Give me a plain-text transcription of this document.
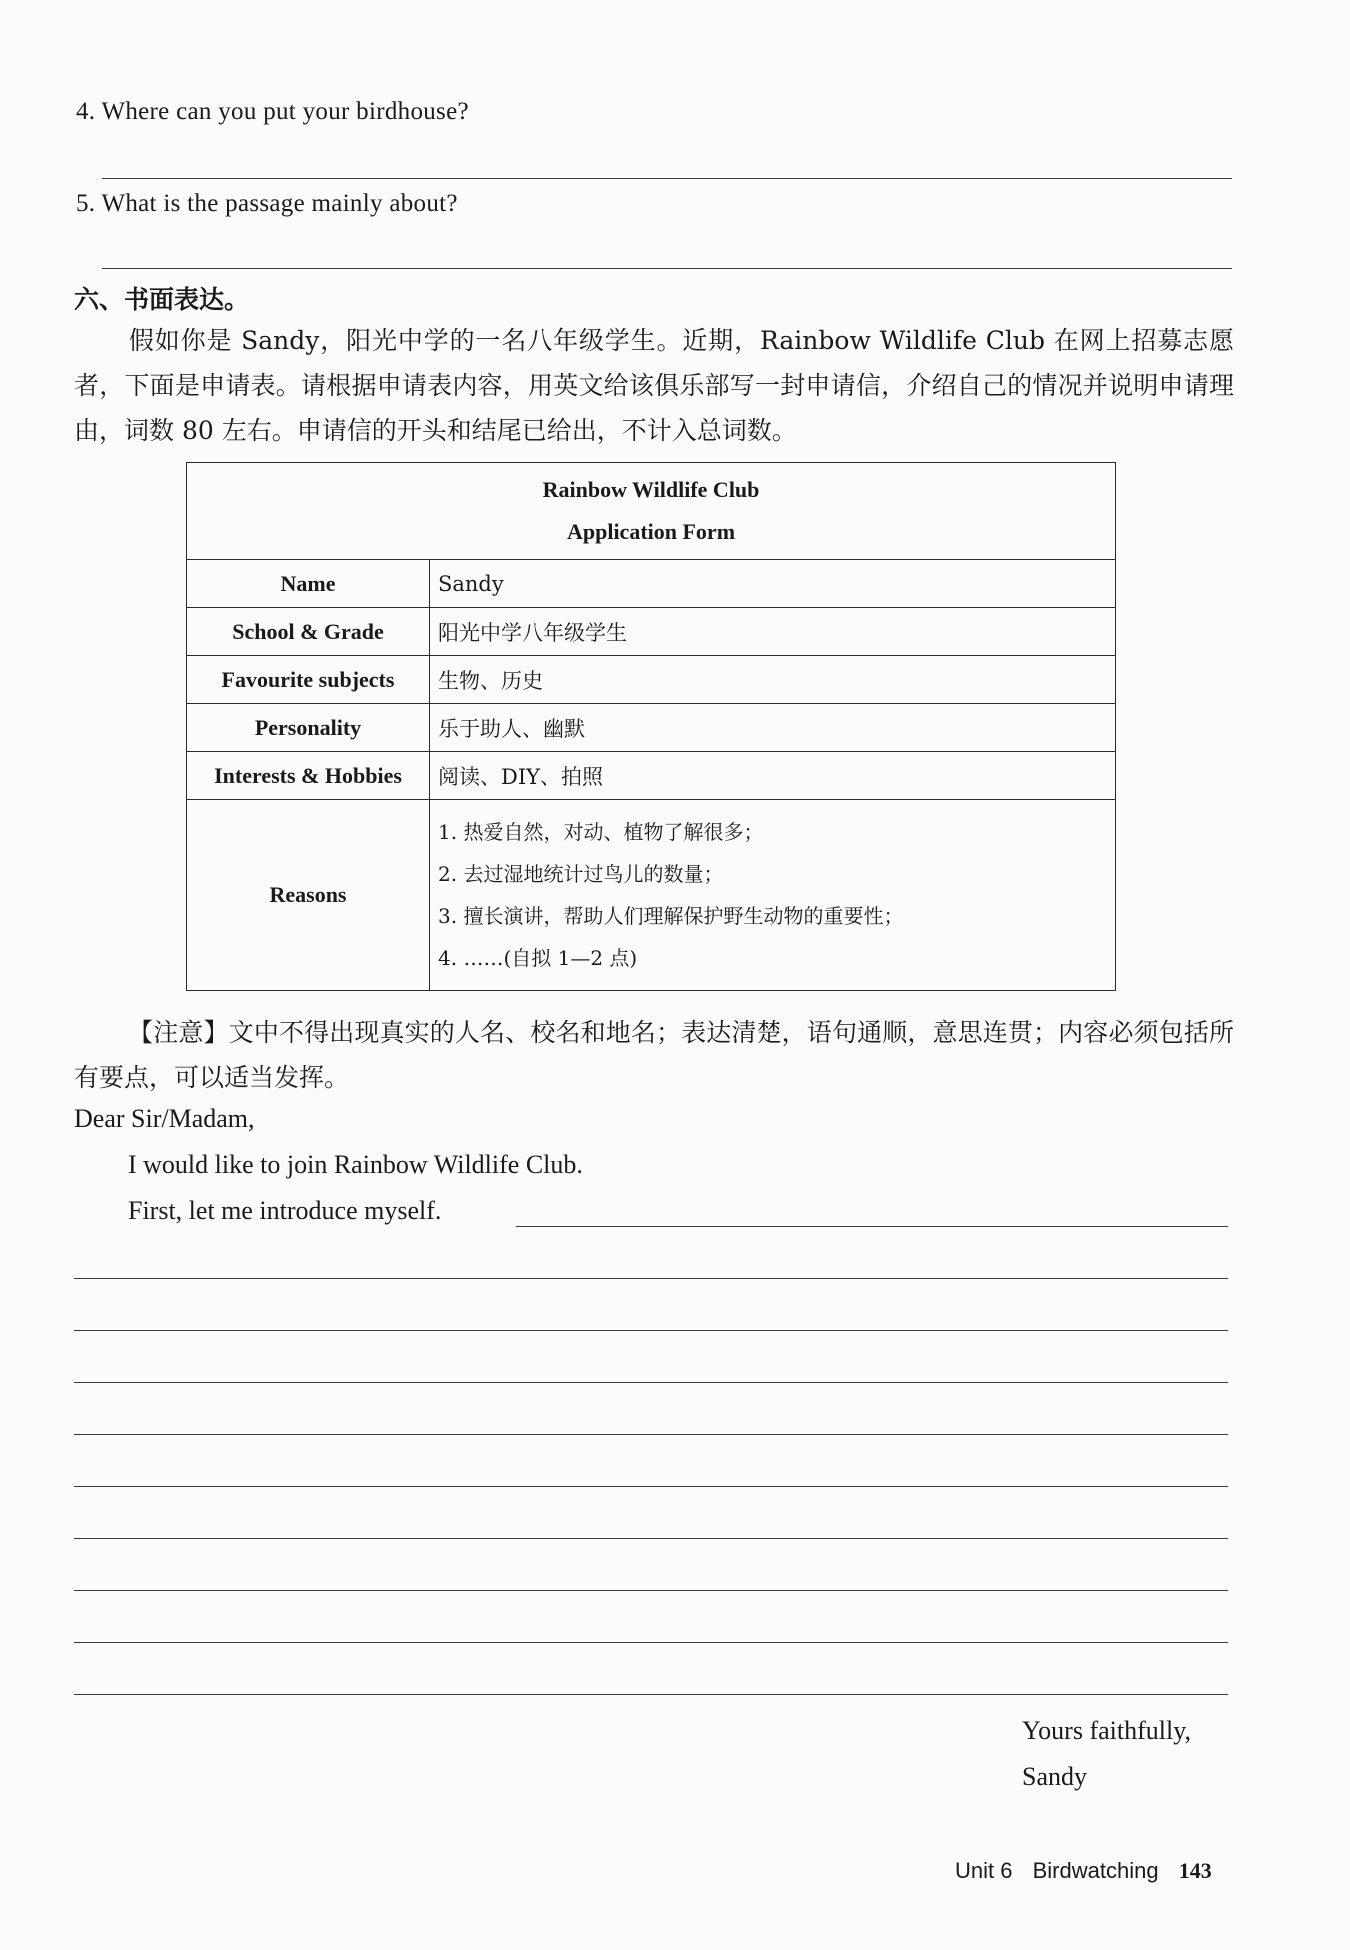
4. Where can you put your birdhouse?
5. What is the passage mainly about?
六、书面表达。
假如你是 Sandy，阳光中学的一名八年级学生。近期，Rainbow Wildlife Club 在网上招募志愿者，下面是申请表。请根据申请表内容，用英文给该俱乐部写一封申请信，介绍自己的情况并说明申请理由，词数 80 左右。申请信的开头和结尾已给出，不计入总词数。
Rainbow Wildlife Club
Application Form	

Name	Sandy
School & Grade	阳光中学八年级学生
Favourite subjects	生物、历史
Personality	乐于助人、幽默
Interests & Hobbies	阅读、DIY、拍照
Reasons	1. 热爱自然，对动、植物了解很多；
2. 去过湿地统计过鸟儿的数量；
3. 擅长演讲，帮助人们理解保护野生动物的重要性；
4. ……(自拟 1—2 点)
【注意】文中不得出现真实的人名、校名和地名；表达清楚，语句通顺，意思连贯；内容必须包括所有要点，可以适当发挥。
Dear Sir/Madam,
I would like to join Rainbow Wildlife Club.
First, let me introduce myself.
Yours faithfully,
Sandy
Unit 6 Birdwatching 143
